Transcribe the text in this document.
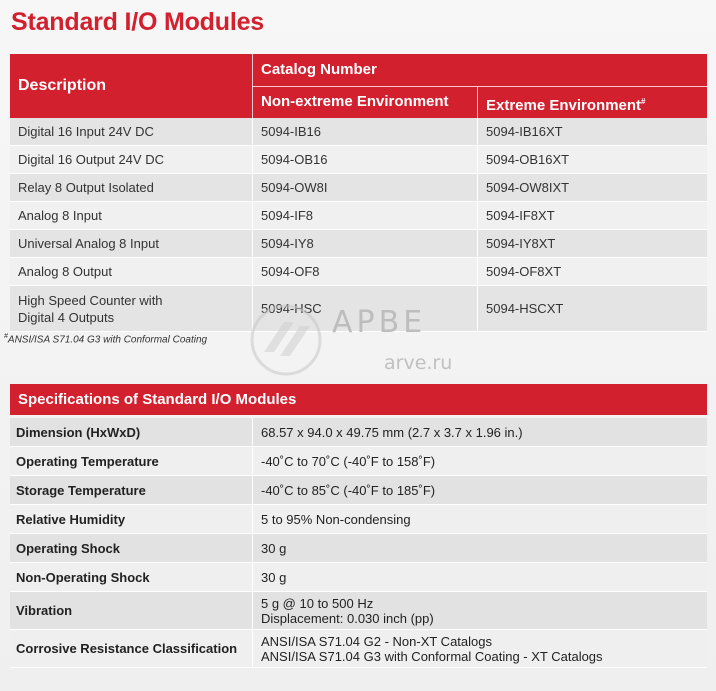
Standard I/O Modules
Description
Catalog Number
Non-extreme Environment Extreme Environment#
Digital 16 Input 24V DC	5094-IB16	5094-IB16XT
Digital 16 Output 24V DC	5094-OB16	5094-OB16XT
Relay 8 Output Isolated	5094-OW8I	5094-OW8IXT
Analog 8 Input	5094-IF8	5094-IF8XT
Universal Analog 8 Input	5094-IY8	5094-IY8XT
Analog 8 Output	5094-OF8	5094-OF8XT
High Speed Counter with
Digital 4 Outputs
5094-HSC	5094-HSCXT
#ANSI/ISA S71.04 G3 with Conformal Coating	АРВЕ
arve.ru
Specifications of Standard I/O Modules
Dimension (HxWxD)	68.57 x 94.0 x 49.75 mm (2.7 x 3.7 x 1.96 in.)
Operating Temperature	-40˚C to 70˚C (-40˚F to 158˚F)
Storage Temperature	-40˚C to 85˚C (-40˚F to 185˚F)
Relative Humidity	5 to 95% Non-condensing
Operating Shock	30 g
Non-Operating Shock	30 g
Vibration	5 g @ 10 to 500 Hz
Displacement: 0.030 inch (pp)
Corrosive Resistance Classification	ANSI/ISA S71.04 G2 - Non-XT Catalogs
ANSI/ISA S71.04 G3 with Conformal Coating - XT Catalogs
